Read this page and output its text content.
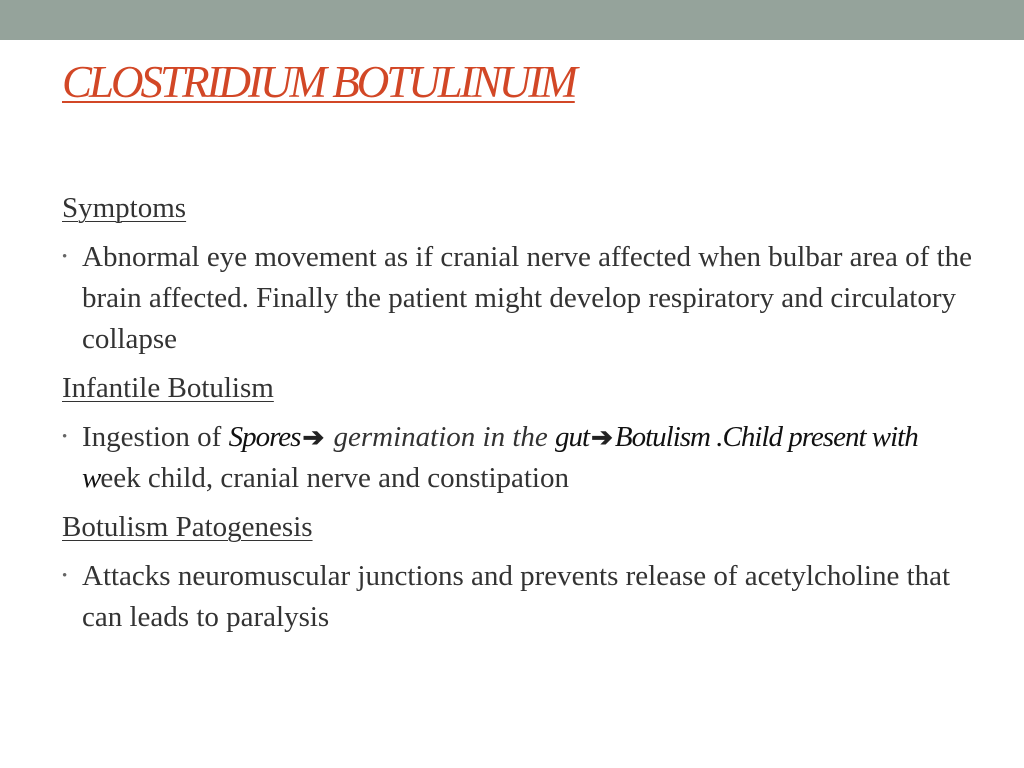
CLOSTRIDIUM BOTULINUIM
Symptoms
• Abnormal eye movement as if cranial nerve affected when bulbar area of the brain affected. Finally the patient might develop respiratory and circulatory collapse
Infantile Botulism
• Ingestion of Spores➔ germination in the gut➔Botulism .Child present with week child, cranial nerve and constipation
Botulism Patogenesis
• Attacks neuromuscular junctions and prevents release of acetylcholine that can leads to paralysis
